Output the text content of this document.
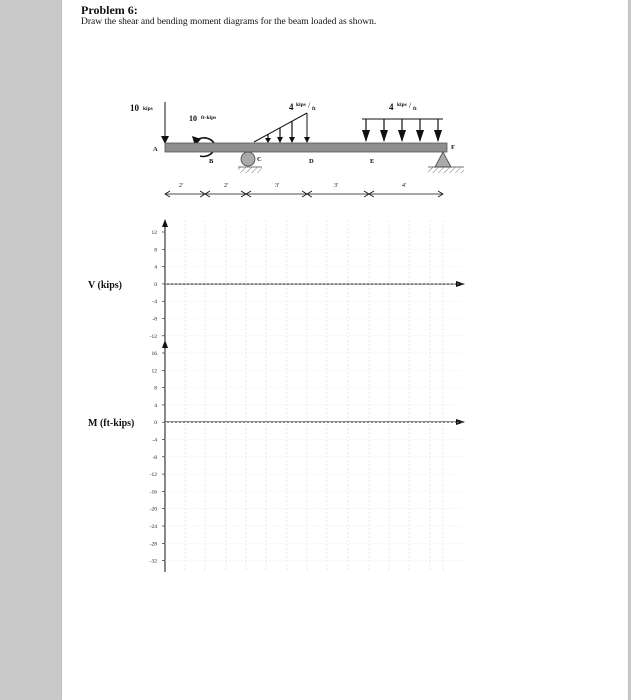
Problem 6:
Draw the shear and bending moment diagrams for the beam loaded as shown.
10 kips
10 ft-kips
4 kips
ft
/	4 kips
ft
/
A
B	C	D	E
F
2'	2'	3'	3'	4'
V (kips)
12
8
4
0
-4
-8
-12
M (ft-kips)
16
12
8
4
0
-4
-8
-12
-16
-20
-24
-28
-32
